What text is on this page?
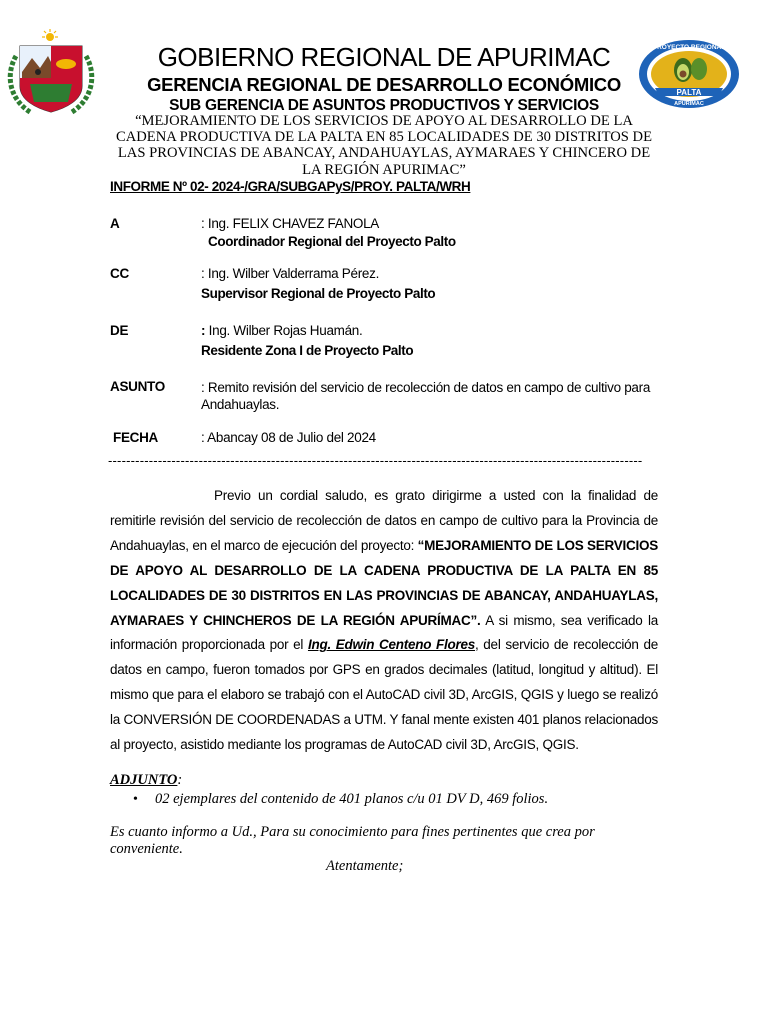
PALTA
PROYECTO REGIONAL
APURIMAC
GOBIERNO REGIONAL DE APURIMAC
GERENCIA REGIONAL DE DESARROLLO ECONÓMICO
SUB GERENCIA DE ASUNTOS PRODUCTIVOS Y SERVICIOS
“MEJORAMIENTO DE LOS SERVICIOS DE APOYO AL DESARROLLO DE LA CADENA PRODUCTIVA DE LA PALTA EN 85 LOCALIDADES DE 30 DISTRITOS DE LAS PROVINCIAS DE ABANCAY, ANDAHUAYLAS, AYMARAES Y CHINCERO DE LA REGIÓN APURIMAC”
INFORME Nº 02- 2024-/GRA/SUBGAPyS/PROY. PALTA/WRH
A	: Ing. FELIX CHAVEZ FANOLA
Coordinador Regional del Proyecto Palto
CC	: Ing. Wilber Valderrama Pérez.
Supervisor Regional de Proyecto Palto
DE	: Ing. Wilber Rojas Huamán.
Residente Zona I de Proyecto Palto
ASUNTO	: Remito revisión del servicio de recolección de datos en campo de cultivo para Andahuaylas.
FECHA	: Abancay 08 de Julio del 2024
----------------------------------------------------------------------------------------------------------------------

Previo un cordial saludo, es grato dirigirme a usted con la finalidad de remitirle revisión del servicio de recolección de datos en campo de cultivo para la Provincia de Andahuaylas, en el marco de ejecución del proyecto: “MEJORAMIENTO DE LOS SERVICIOS DE APOYO AL DESARROLLO DE LA CADENA PRODUCTIVA DE LA PALTA EN 85 LOCALIDADES DE 30 DISTRITOS EN LAS PROVINCIAS DE ABANCAY, ANDAHUAYLAS, AYMARAES Y CHINCHEROS DE LA REGIÓN APURÍMAC”. A si mismo, sea verificado la información proporcionada por el Ing. Edwin Centeno Flores, del servicio de recolección de datos en campo, fueron tomados por GPS en grados decimales (latitud, longitud y altitud). El mismo que para el elaboro se trabajó con el AutoCAD civil 3D, ArcGIS, QGIS y luego se realizó la CONVERSIÓN DE COORDENADAS a UTM. Y fanal mente existen 401 planos relacionados al proyecto, asistido mediante los programas de AutoCAD civil 3D, ArcGIS, QGIS.

ADJUNTO:
• 02 ejemplares del contenido de 401 planos c/u 01 DV D, 469 folios.
Es cuanto informo a Ud., Para su conocimiento para fines pertinentes que crea por conveniente.
Atentamente;
